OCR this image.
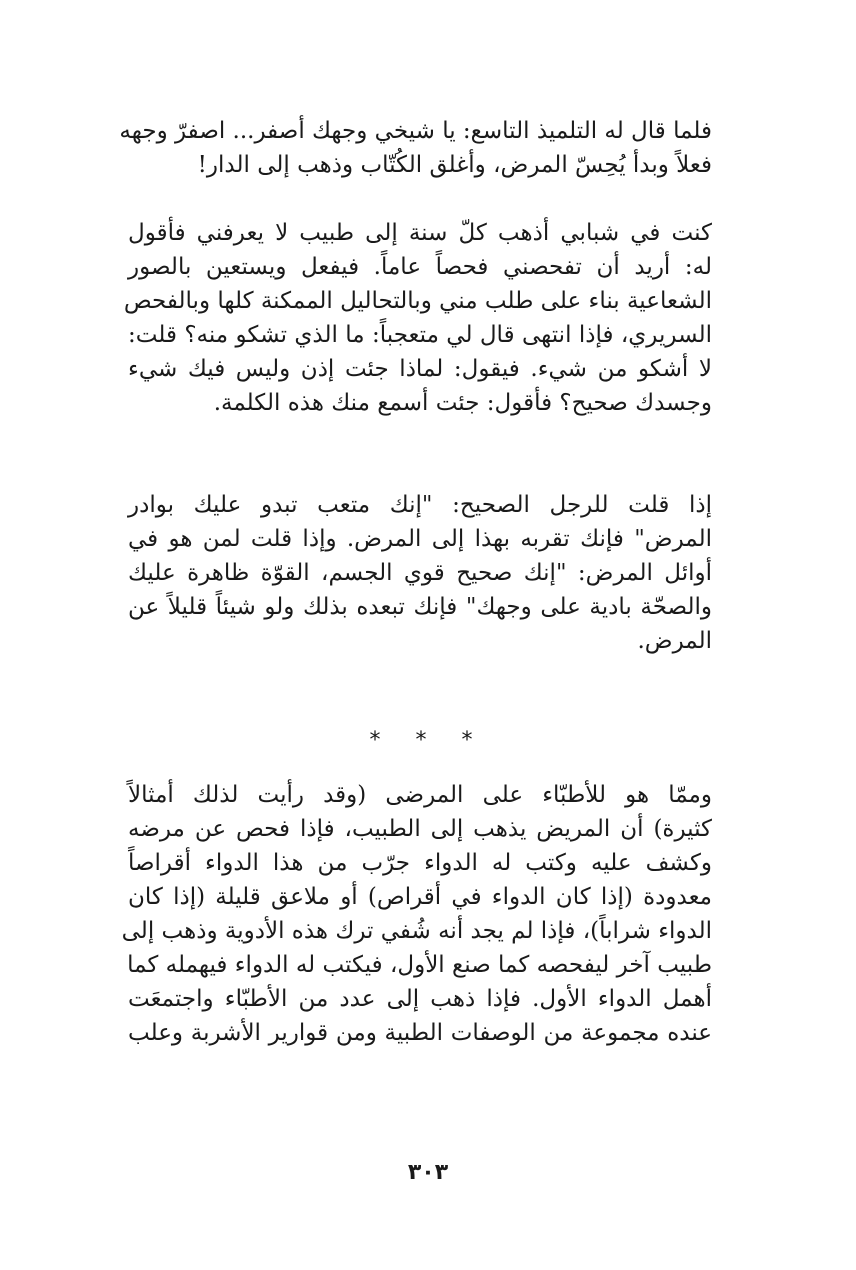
فلما قال له التلميذ التاسع: يا شيخي وجهك أصفر... اصفرّ وجهه
فعلاً وبدأ يُحِسّ المرض، وأغلق الكُتّاب وذهب إلى الدار!

كنت في شبابي أذهب كلّ سنة إلى طبيب لا يعرفني فأقول
له: أريد أن تفحصني فحصاً عاماً. فيفعل ويستعين بالصور
الشعاعية بناء على طلب مني وبالتحاليل الممكنة كلها وبالفحص
السريري، فإذا انتهى قال لي متعجباً: ما الذي تشكو منه؟ قلت:
لا أشكو من شيء. فيقول: لماذا جئت إذن وليس فيك شيء
وجسدك صحيح؟ فأقول: جئت أسمع منك هذه الكلمة.

إذا قلت للرجل الصحيح: "إنك متعب تبدو عليك بوادر
المرض" فإنك تقربه بهذا إلى المرض. وإذا قلت لمن هو في
أوائل المرض: "إنك صحيح قوي الجسم، القوّة ظاهرة عليك
والصحّة بادية على وجهك" فإنك تبعده بذلك ولو شيئاً قليلاً عن
المرض.

* * *

وممّا هو للأطبّاء على المرضى (وقد رأيت لذلك أمثالاً
كثيرة) أن المريض يذهب إلى الطبيب، فإذا فحص عن مرضه
وكشف عليه وكتب له الدواء جرّب من هذا الدواء أقراصاً
معدودة (إذا كان الدواء في أقراص) أو ملاعق قليلة (إذا كان
الدواء شراباً)، فإذا لم يجد أنه شُفي ترك هذه الأدوية وذهب إلى
طبيب آخر ليفحصه كما صنع الأول، فيكتب له الدواء فيهمله كما
أهمل الدواء الأول. فإذا ذهب إلى عدد من الأطبّاء واجتمعَت
عنده مجموعة من الوصفات الطبية ومن قوارير الأشربة وعلب

٣٠٣
